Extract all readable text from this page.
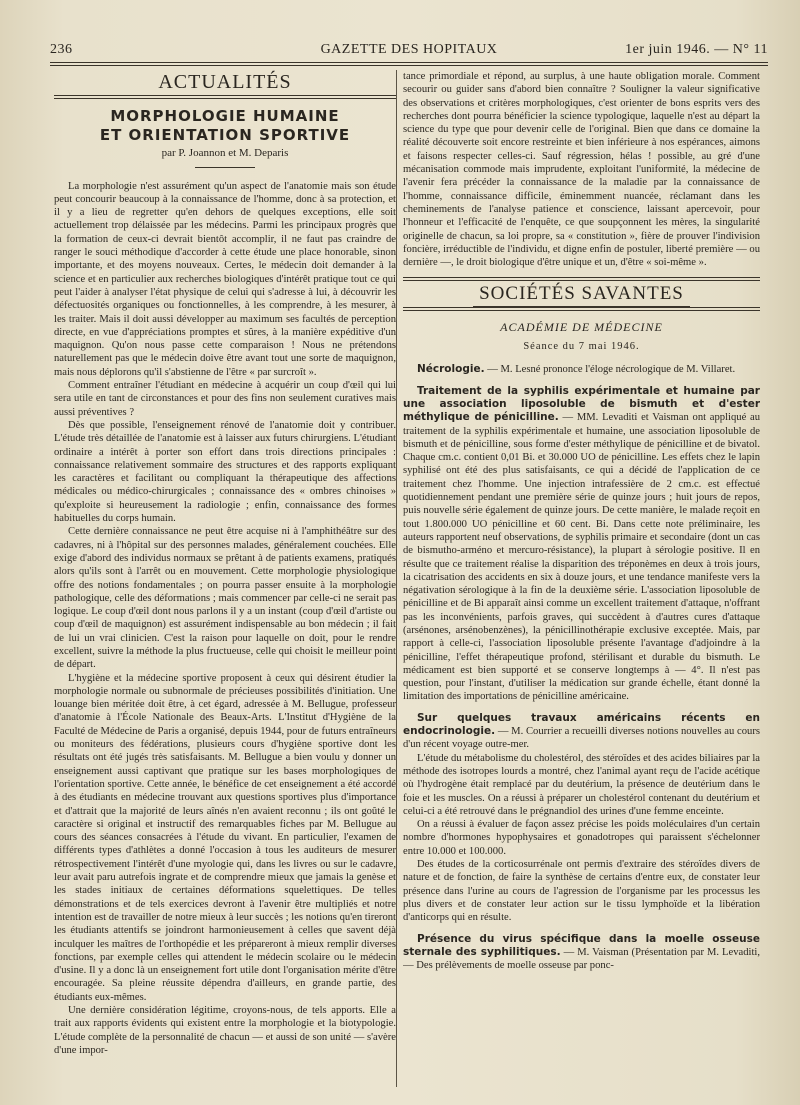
236	GAZETTE DES HOPITAUX	1er juin 1946. — N° 11
ACTUALITÉS
MORPHOLOGIE HUMAINE
ET ORIENTATION SPORTIVE
par P. Joannon et M. Deparis

La morphologie n'est assurément qu'un aspect de l'anatomie mais son étude peut concourir beaucoup à la connaissance de l'homme, donc à sa protection, et il y a lieu de regretter qu'en dehors de quelques exceptions, elle soit actuellement trop délaissée par les médecins. Parmi les principaux progrès que la formation de ceux-ci devrait bientôt accomplir, il ne faut pas craindre de ranger le souci méthodique d'accorder à cette étude une place honorable, sinon importante, et des moyens nouveaux. Certes, le médecin doit demander à la science et en particulier aux recherches biologiques d'intérêt pratique tout ce qui peut l'aider à analyser l'état physique de celui qui s'adresse à lui, à découvrir les défectuosités organiques ou fonctionnelles, à les comprendre, à les mesurer, à les traiter. Mais il doit aussi développer au maximum ses facultés de perception directe, en vue d'appréciations promptes et sûres, à la manière expéditive d'un maquignon. Qu'on nous passe cette comparaison ! Nous ne prétendons naturellement pas que le médecin doive être avant tout une sorte de maquignon, mais nous déplorons qu'il s'abstienne de l'être « par surcroît ».

Comment entraîner l'étudiant en médecine à acquérir un coup d'œil qui lui sera utile en tant de circonstances et pour des fins non seulement curatives mais aussi préventives ?

Dès que possible, l'enseignement rénové de l'anatomie doit y contribuer. L'étude très détaillée de l'anatomie est à laisser aux futurs chirurgiens. L'étudiant ordinaire a intérêt à porter son effort dans trois directions principales : connaissance relativement sommaire des structures et des rapports expliquant les caractères et facilitant ou compliquant la thérapeutique des affections médicales ou médico-chirurgicales ; connaissance des « ombres chinoises » qu'exploite si heureusement la radiologie ; enfin, connaissance des formes habituelles du corps humain.

Cette dernière connaissance ne peut être acquise ni à l'amphithéâtre sur des cadavres, ni à l'hôpital sur des personnes malades, généralement couchées. Elle exige d'abord des individus normaux se prêtant à de patients examens, pratiqués alors qu'ils sont à l'arrêt ou en mouvement. Cette morphologie physiologique offre des notions fondamentales ; on pourra passer ensuite à la morphologie pathologique, celle des déformations ; mais commencer par celle-ci ne serait pas logique. Le coup d'œil dont nous parlons il y a un instant (coup d'œil d'artiste ou coup d'œil de maquignon) est assurément indispensable au bon médecin ; il fait de lui un vrai clinicien. C'est la raison pour laquelle on doit, pour le rendre excellent, suivre la méthode la plus fructueuse, celle qui choisit le meilleur point de départ.

L'hygiène et la médecine sportive proposent à ceux qui désirent étudier la morphologie normale ou subnormale de précieuses possibilités d'initiation. Une louange bien méritée doit être, à cet égard, adressée à M. Bellugue, professeur d'anatomie à l'École Nationale des Beaux-Arts. L'Institut d'Hygiène de la Faculté de Médecine de Paris a organisé, depuis 1944, pour de futurs entraîneurs ou moniteurs des fédérations, plusieurs cours d'hygiène sportive dont les résultats ont été jugés très satisfaisants. M. Bellugue a bien voulu y donner un enseignement aussi captivant que pratique sur les bases morphologiques de l'orientation sportive. Cette année, le bénéfice de cet enseignement a été accordé à des étudiants en médecine trouvant aux questions sportives plus d'importance et d'attrait que la majorité de leurs aînés n'en avaient reconnu ; ils ont goûté le caractère si original et instructif des remarquables fiches par M. Bellugue au cours des séances consacrées à l'étude du vivant. En particulier, l'examen de différents types d'athlètes a donné l'occasion à tous les auditeurs de mesurer rétrospectivement l'intérêt d'une myologie qui, dans les livres ou sur le cadavre, leur avait paru autrefois ingrate et de comprendre mieux que jamais la genèse et les stades initiaux de certaines déformations squelettiques. De telles démonstrations et de tels exercices devront à l'avenir être multipliés et notre intention est de travailler de notre mieux à leur succès ; les notions qu'en tireront les étudiants attentifs se joindront harmonieusement à celles que savent déjà inculquer les maîtres de l'orthopédie et les prépareront à mieux remplir diverses fonctions, par exemple celles qui attendent le médecin scolaire ou le médecin d'usine. Il y a donc là un enseignement fort utile dont l'organisation mérite d'être encouragée. Sa pleine réussite dépendra d'ailleurs, en grande partie, des étudiants eux-mêmes.

Une dernière considération légitime, croyons-nous, de tels apports. Elle a trait aux rapports évidents qui existent entre la morphologie et la biotypologie. L'étude complète de la personnalité de chacun — et aussi de son unité — s'avère d'une impor-

tance primordiale et répond, au surplus, à une haute obligation morale. Comment secourir ou guider sans d'abord bien connaître ? Souligner la valeur significative des observations et critères morphologiques, c'est orienter de bons esprits vers des recherches dont pourra bénéficier la science typologique, laquelle n'est au départ la science du type que pour devenir celle de l'original. Bien que dans ce domaine la réalité découverte soit encore restreinte et bien inférieure à nos espérances, aimons et faisons respecter celles-ci. Sauf régression, hélas ! possible, au gré d'une mécanisation commode mais imprudente, exploitant l'uniformité, la médecine de l'avenir fera précéder la connaissance de la maladie par la connaissance de l'homme, connaissance difficile, éminemment nuancée, réclamant dans les cheminements de l'analyse patience et conscience, laissant apercevoir, pour l'honneur et l'efficacité de l'enquête, ce que soupçonnent les mères, la singularité originelle de chacun, sa loi propre, sa « constitution », fière de prouver l'indivision foncière, irréductible de l'individu, et digne enfin de postuler, liberté première — ou dernière —, le droit biologique d'être unique et un, d'être « soi-même ».

SOCIÉTÉS SAVANTES
ACADÉMIE DE MÉDECINE
Séance du 7 mai 1946.

Nécrologie. — M. Lesné prononce l'éloge nécrologique de M. Villaret.

Traitement de la syphilis expérimentale et humaine par une association liposoluble de bismuth et d'ester méthylique de pénicilline. — MM. Levaditi et Vaisman ont appliqué au traitement de la syphilis expérimentale et humaine, une association liposoluble de bismuth et de pénicilline, sous forme d'ester méthylique de pénicilline et de bivatol. Chaque cm.c. contient 0,01 Bi. et 30.000 UO de pénicilline. Les effets chez le lapin syphilisé ont été des plus satisfaisants, ce qui a décidé de l'application de ce traitement chez l'homme. Une injection intrafessière de 2 cm.c. est effectué quotidiennement pendant une première série de quinze jours ; huit jours de repos, puis nouvelle série également de quinze jours. De cette manière, le malade reçoit en tout 1.800.000 UO pénicilline et 60 cent. Bi. Dans cette note préliminaire, les auteurs rapportent neuf observations, de syphilis primaire et secondaire (dont un cas de bismutho-arméno et mercuro-résistance), la plupart à sérologie positive. Il en résulte que ce traitement réalise la disparition des tréponèmes en deux à trois jours, la cicatrisation des accidents en six à douze jours, et une tendance manifeste vers la négativation sérologique à la fin de la deuxième série. L'association liposoluble de pénicilline et de Bi apparaît ainsi comme un excellent traitement d'attaque, n'offrant pas les inconvénients, parfois graves, qui succèdent à d'autres cures d'attaque (arsénones, arsénobenzènes), la pénicillinothérapie exclusive exceptée. Mais, par rapport à celle-ci, l'association liposoluble présente l'avantage d'adjoindre à la pénicilline, l'effet thérapeutique profond, stérilisant et durable du bismuth. Le médicament est bien supporté et se conserve longtemps à — 4°. Il n'est pas question, pour l'instant, d'utiliser la médication sur grande échelle, étant donné la limitation des importations de pénicilline américaine.

Sur quelques travaux américains récents en endocrinologie. — M. Courrier a recueilli diverses notions nouvelles au cours d'un récent voyage outre-mer.

L'étude du métabolisme du cholestérol, des stéroïdes et des acides biliaires par la méthode des isotropes lourds a montré, chez l'animal ayant reçu de l'acide acétique où l'hydrogène était remplacé par du deutérium, la présence de deutérium dans le foie et les muscles. On a réussi à préparer un cholestérol contenant du deutérium et celui-ci a été retrouvé dans le prégnandiol des urines d'une femme enceinte.

On a réussi à évaluer de façon assez précise les poids moléculaires d'un certain nombre d'hormones hypophysaires et gonadotropes qui paraissent s'échelonner entre 10.000 et 100.000.

Des études de la corticosurrénale ont permis d'extraire des stéroïdes divers de nature et de fonction, de faire la synthèse de certains d'entre eux, de constater leur présence dans l'urine au cours de l'agression de l'organisme par les processus les plus divers et de constater leur action sur le tissu lymphoïde et la libération d'anticorps qui en résulte.

Présence du virus spécifique dans la moelle osseuse sternale des syphilitiques. — M. Vaisman (Présentation par M. Levaditi, — Des prélèvements de moelle osseuse par ponc-
